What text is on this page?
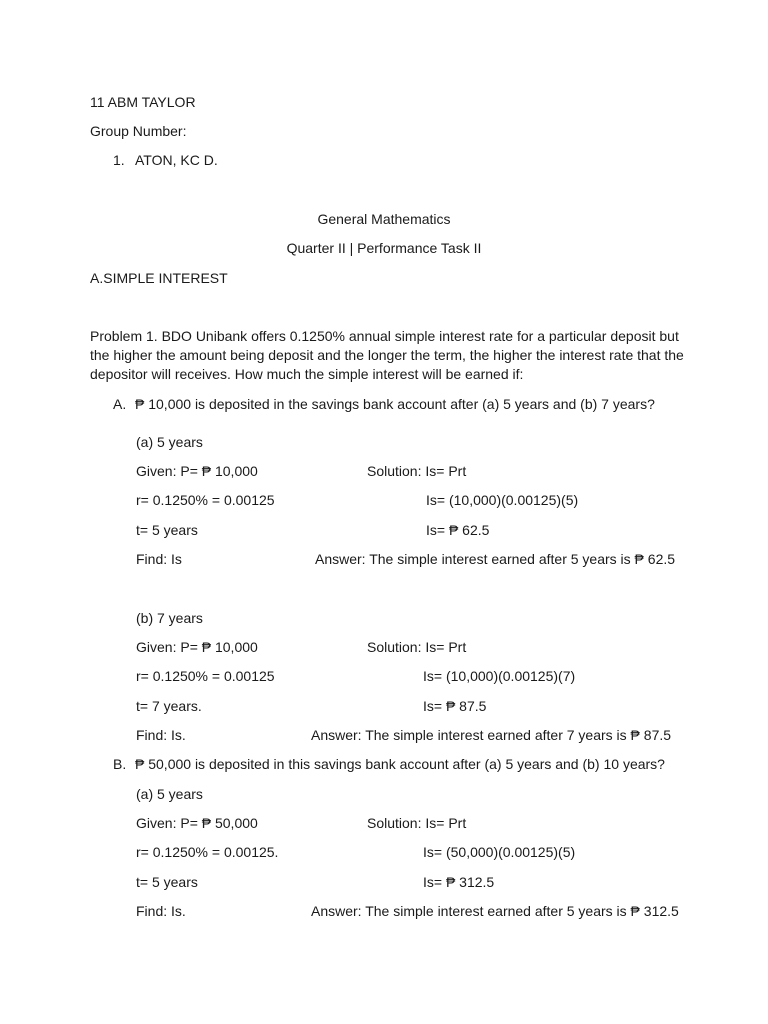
11 ABM TAYLOR
Group Number:
1. ATON, KC D.
General Mathematics
Quarter II | Performance Task II
A.SIMPLE INTEREST
Problem 1. BDO Unibank offers 0.1250% annual simple interest rate for a particular deposit but the higher the amount being deposit and the longer the term, the higher the interest rate that the depositor will receives. How much the simple interest will be earned if:
A. ₱ 10,000 is deposited in the savings bank account after (a) 5 years and (b) 7 years?
(a) 5 years
Given: P= ₱ 10,000	Solution: Is= Prt
r= 0.1250% = 0.00125	Is= (10,000)(0.00125)(5)
t= 5 years	Is= ₱ 62.5
Find: Is	Answer: The simple interest earned after 5 years is ₱ 62.5
(b) 7 years
Given: P= ₱ 10,000	Solution: Is= Prt
r= 0.1250% = 0.00125	Is= (10,000)(0.00125)(7)
t= 7 years.	Is= ₱ 87.5
Find: Is.	Answer: The simple interest earned after 7 years is ₱ 87.5
B. ₱ 50,000 is deposited in this savings bank account after (a) 5 years and (b) 10 years?
(a) 5 years
Given: P= ₱ 50,000	Solution: Is= Prt
r= 0.1250% = 0.00125.	Is= (50,000)(0.00125)(5)
t= 5 years	Is= ₱ 312.5
Find: Is.	Answer: The simple interest earned after 5 years is ₱ 312.5
